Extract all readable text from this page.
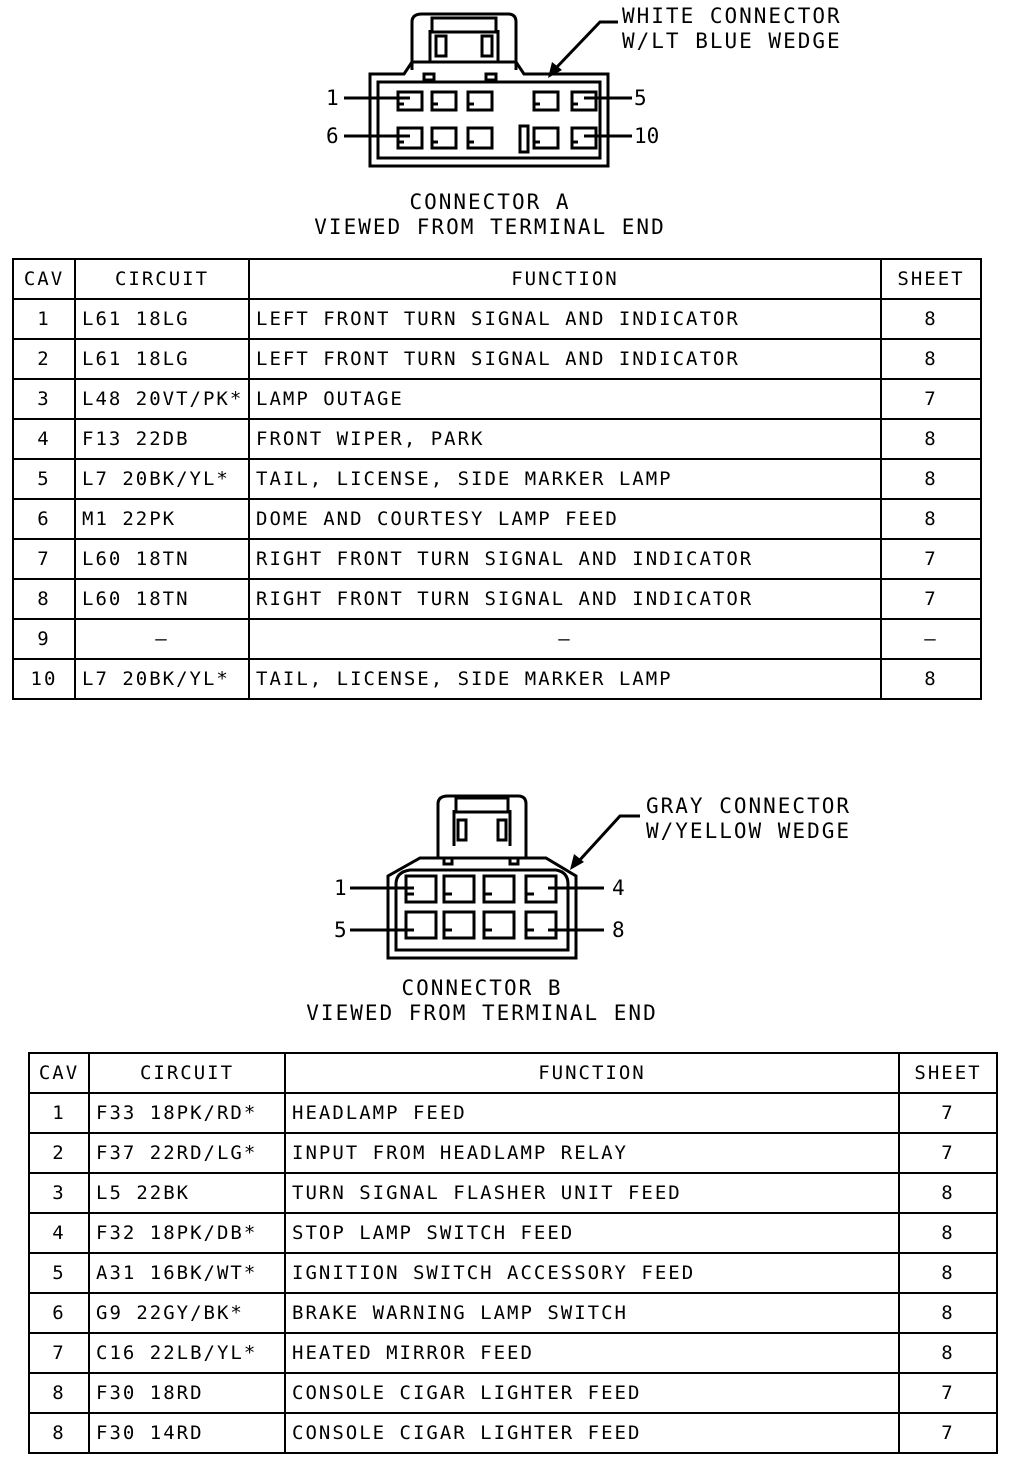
1	5
6	10
WHITE CONNECTOR
W/LT BLUE WEDGE
CONNECTOR A
VIEWED FROM TERMINAL END
CAV	CIRCUIT	FUNCTION	SHEET
1	L61 18LG	LEFT FRONT TURN SIGNAL AND INDICATOR	8
2	L61 18LG	LEFT FRONT TURN SIGNAL AND INDICATOR	8
3	L48 20VT/PK*	LAMP OUTAGE	7
4	F13 22DB	FRONT WIPER, PARK	8
5	L7 20BK/YL*	TAIL, LICENSE, SIDE MARKER LAMP	8
6	M1 22PK	DOME AND COURTESY LAMP FEED	8
7	L60 18TN	RIGHT FRONT TURN SIGNAL AND INDICATOR	7
8	L60 18TN	RIGHT FRONT TURN SIGNAL AND INDICATOR	7
9	—	—	—
10	L7 20BK/YL*	TAIL, LICENSE, SIDE MARKER LAMP	8
1	4
5	8
GRAY CONNECTOR
W/YELLOW WEDGE
CONNECTOR B
VIEWED FROM TERMINAL END
CAV	CIRCUIT	FUNCTION	SHEET
1	F33 18PK/RD*	HEADLAMP FEED	7
2	F37 22RD/LG*	INPUT FROM HEADLAMP RELAY	7
3	L5 22BK	TURN SIGNAL FLASHER UNIT FEED	8
4	F32 18PK/DB*	STOP LAMP SWITCH FEED	8
5	A31 16BK/WT*	IGNITION SWITCH ACCESSORY FEED	8
6	G9 22GY/BK*	BRAKE WARNING LAMP SWITCH	8
7	C16 22LB/YL*	HEATED MIRROR FEED	8
8	F30 18RD	CONSOLE CIGAR LIGHTER FEED	7
8	F30 14RD	CONSOLE CIGAR LIGHTER FEED	7
